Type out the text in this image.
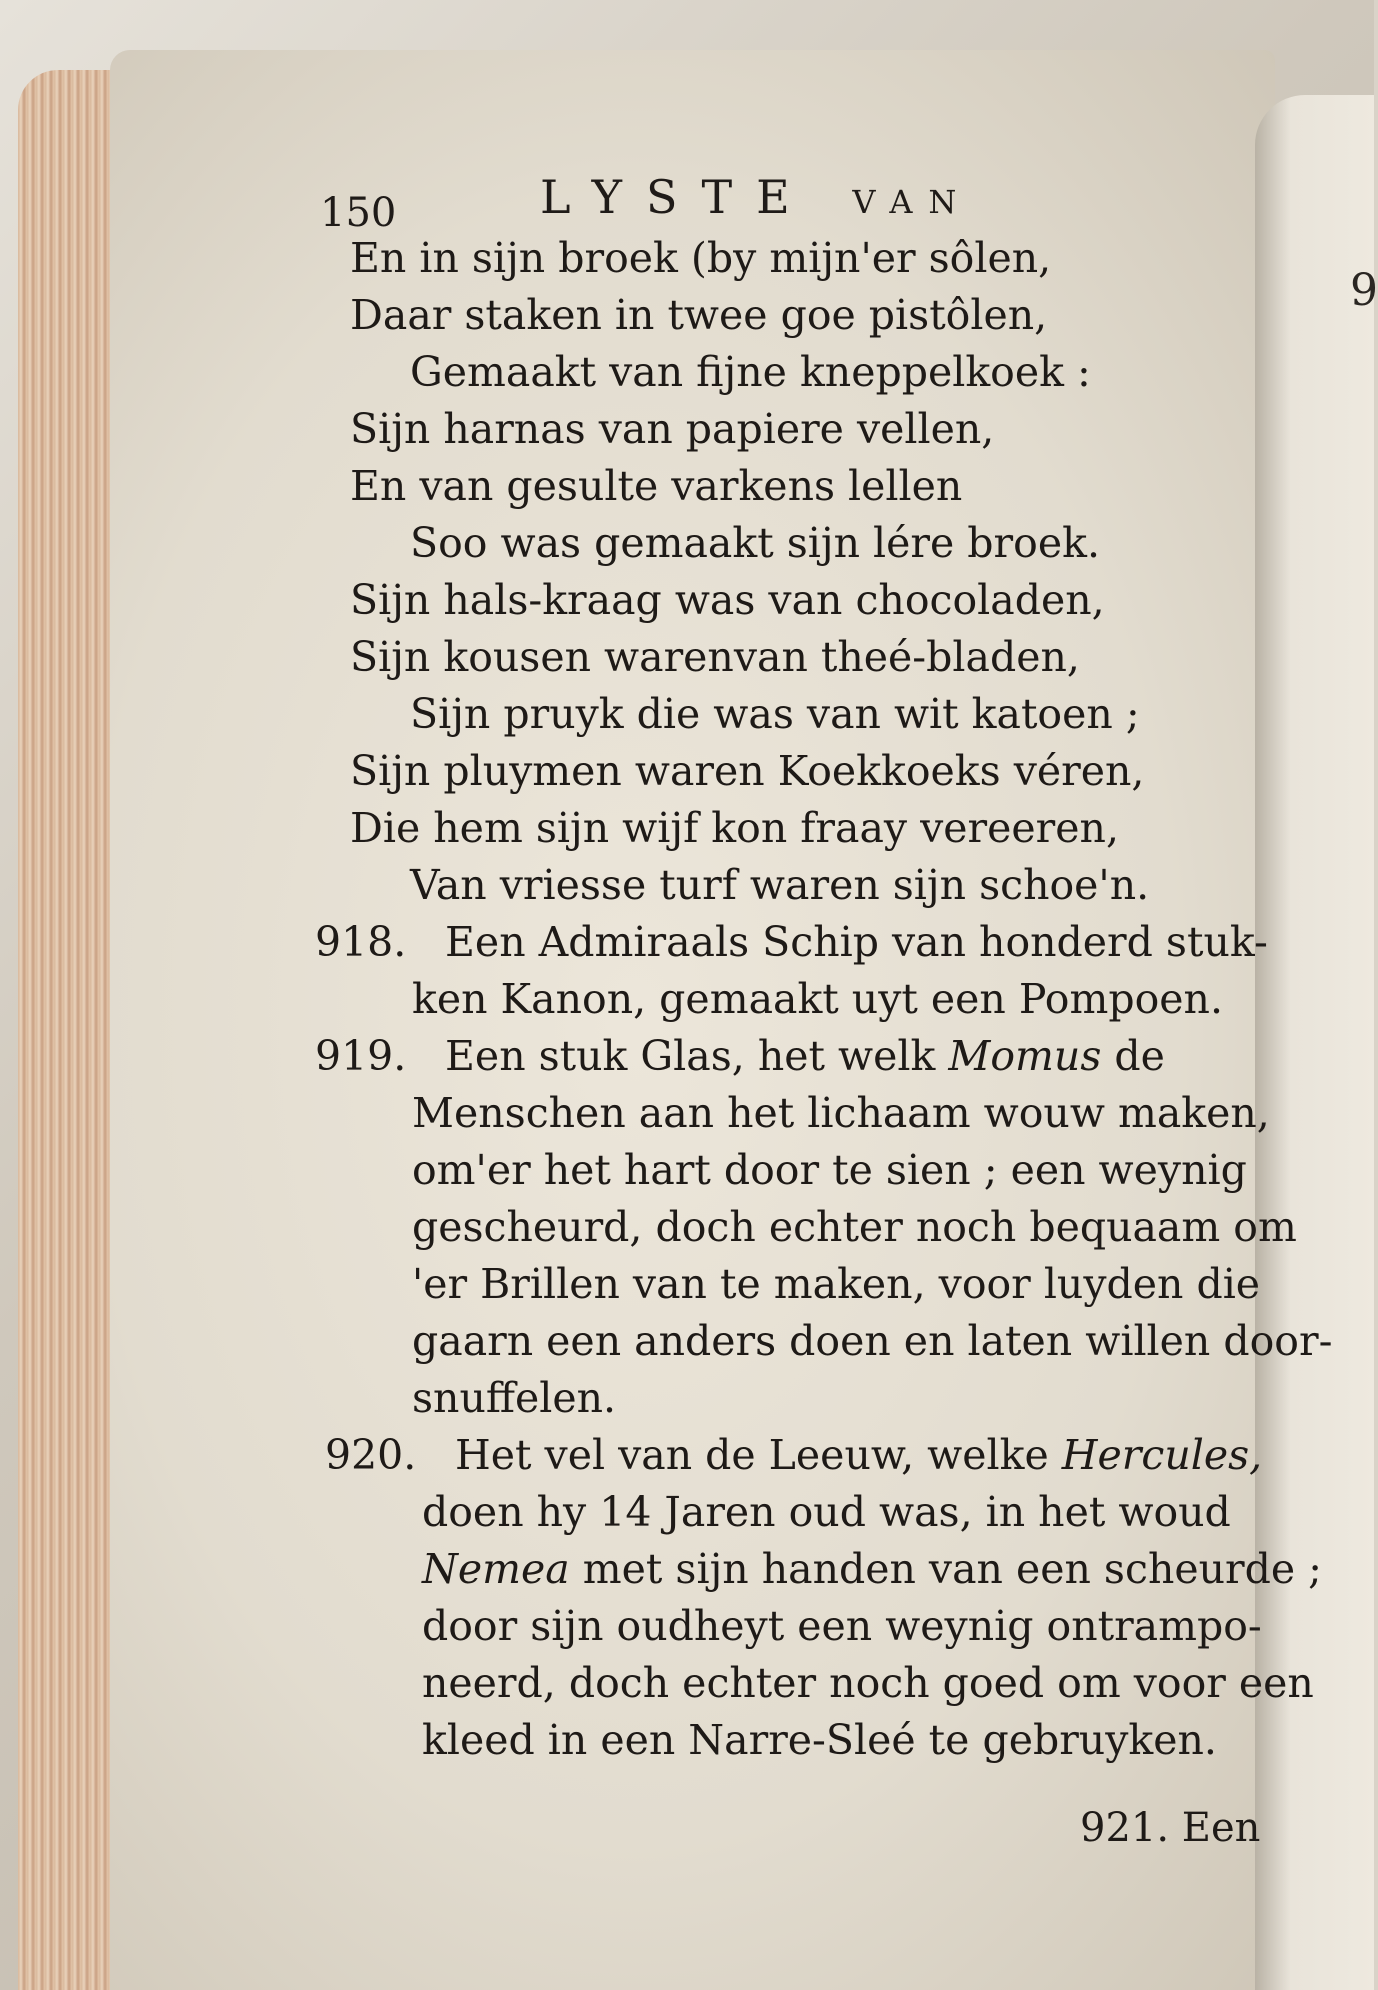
9
150	LYSTE VAN
En in sijn broek (by mijn'er sôlen,
Daar staken in twee goe pistôlen,
Gemaakt van fijne kneppelkoek :
Sijn harnas van papiere vellen,
En van gesulte varkens lellen
Soo was gemaakt sijn lére broek.
Sijn hals-kraag was van chocoladen,
Sijn kousen warenvan theé-bladen,
Sijn pruyk die was van wit katoen ;
Sijn pluymen waren Koekkoeks véren,
Die hem sijn wijf kon fraay vereeren,
Van vriesse turf waren sijn schoe'n.
918. Een Admiraals Schip van honderd stuk-
ken Kanon, gemaakt uyt een Pompoen.
919. Een stuk Glas, het welk Momus de
Menschen aan het lichaam wouw maken,
om'er het hart door te sien ; een weynig
gescheurd, doch echter noch bequaam om
'er Brillen van te maken, voor luyden die
gaarn een anders doen en laten willen door-
snuffelen.
920. Het vel van de Leeuw, welke Hercules,
doen hy 14 Jaren oud was, in het woud
Nemea met sijn handen van een scheurde ;
door sijn oudheyt een weynig ontrampo-
neerd, doch echter noch goed om voor een
kleed in een Narre-Sleé te gebruyken.
921. Een
